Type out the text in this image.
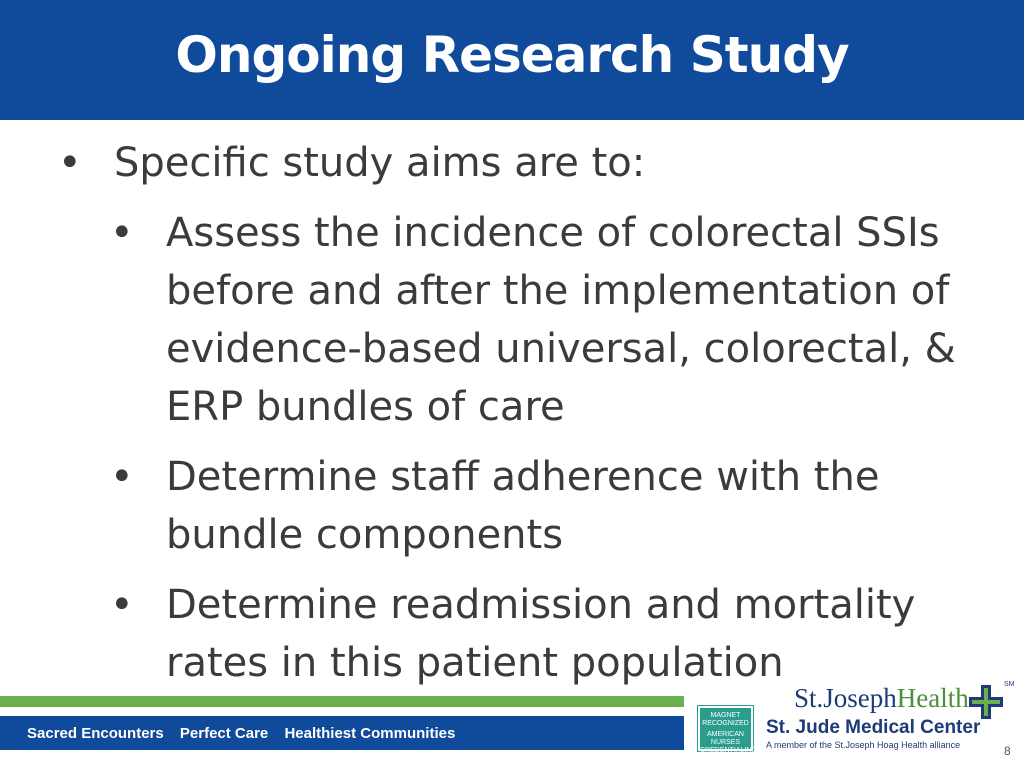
Ongoing Research Study
• Specific study aims are to:
• Assess the incidence of colorectal SSIs
before and after the implementation of
evidence-based universal, colorectal, &
ERP bundles of care
• Determine staff adherence with the
bundle components
• Determine readmission and mortality
rates in this patient population
Sacred Encounters Perfect Care Healthiest Communities
MAGNET
RECOGNIZED
AMERICAN NURSES
CREDENTIALING CENTER
St.JosephHealth	SM
St. Jude Medical Center
A member of the St.Joseph Hoag Health alliance	8
